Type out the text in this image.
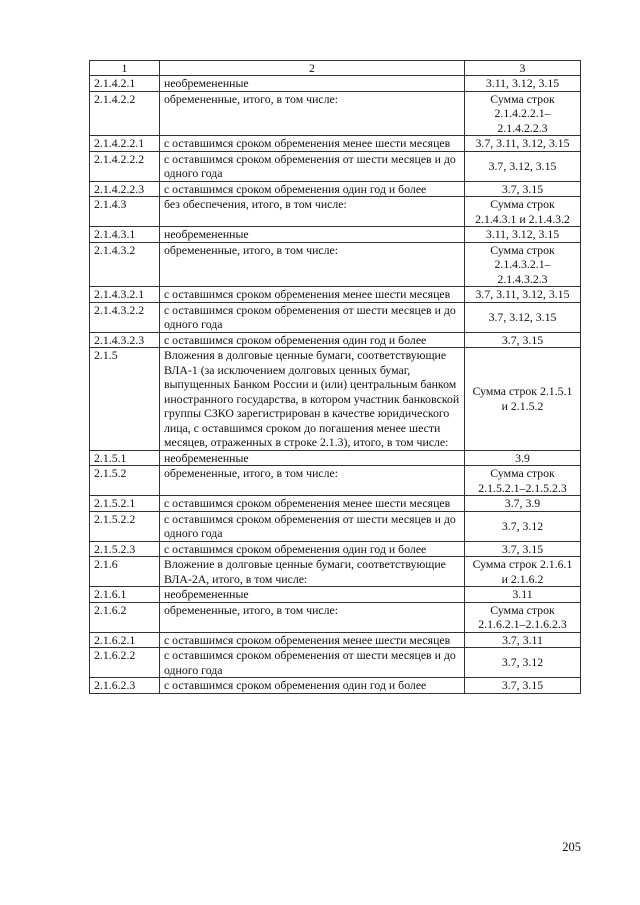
1	2	3
2.1.4.2.1	необремененные	3.11, 3.12, 3.15
2.1.4.2.2	обремененные, итого, в том числе:	Сумма строк 2.1.4.2.2.1– 2.1.4.2.2.3
2.1.4.2.2.1	с оставшимся сроком обременения менее шести месяцев	3.7, 3.11, 3.12, 3.15
2.1.4.2.2.2	с оставшимся сроком обременения от шести месяцев и до одного года	3.7, 3.12, 3.15
2.1.4.2.2.3	с оставшимся сроком обременения один год и более	3.7, 3.15
2.1.4.3	без обеспечения, итого, в том числе:	Сумма строк 2.1.4.3.1 и 2.1.4.3.2
2.1.4.3.1	необремененные	3.11, 3.12, 3.15
2.1.4.3.2	обремененные, итого, в том числе:	Сумма строк 2.1.4.3.2.1– 2.1.4.3.2.3
2.1.4.3.2.1	с оставшимся сроком обременения менее шести месяцев	3.7, 3.11, 3.12, 3.15
2.1.4.3.2.2	с оставшимся сроком обременения от шести месяцев и до одного года	3.7, 3.12, 3.15
2.1.4.3.2.3	с оставшимся сроком обременения один год и более	3.7, 3.15
2.1.5	Вложения в долговые ценные бумаги, соответствующие ВЛА-1 (за исключением долговых ценных бумаг, выпущенных Банком России и (или) центральным банком иностранного государства, в котором участник банковской группы СЗКО зарегистрирован в качестве юридического лица, с оставшимся сроком до погашения менее шести месяцев, отраженных в строке 2.1.3), итого, в том числе:	Сумма строк 2.1.5.1 и 2.1.5.2
2.1.5.1	необремененные	3.9
2.1.5.2	обремененные, итого, в том числе:	Сумма строк 2.1.5.2.1–2.1.5.2.3
2.1.5.2.1	с оставшимся сроком обременения менее шести месяцев	3.7, 3.9
2.1.5.2.2	с оставшимся сроком обременения от шести месяцев и до одного года	3.7, 3.12
2.1.5.2.3	с оставшимся сроком обременения один год и более	3.7, 3.15
2.1.6	Вложение в долговые ценные бумаги, соответствующие ВЛА-2А, итого, в том числе:	Сумма строк 2.1.6.1 и 2.1.6.2
2.1.6.1	необремененные	3.11
2.1.6.2	обремененные, итого, в том числе:	Сумма строк 2.1.6.2.1–2.1.6.2.3
2.1.6.2.1	с оставшимся сроком обременения менее шести месяцев	3.7, 3.11
2.1.6.2.2	с оставшимся сроком обременения от шести месяцев и до одного года	3.7, 3.12
2.1.6.2.3	с оставшимся сроком обременения один год и более	3.7, 3.15
205
